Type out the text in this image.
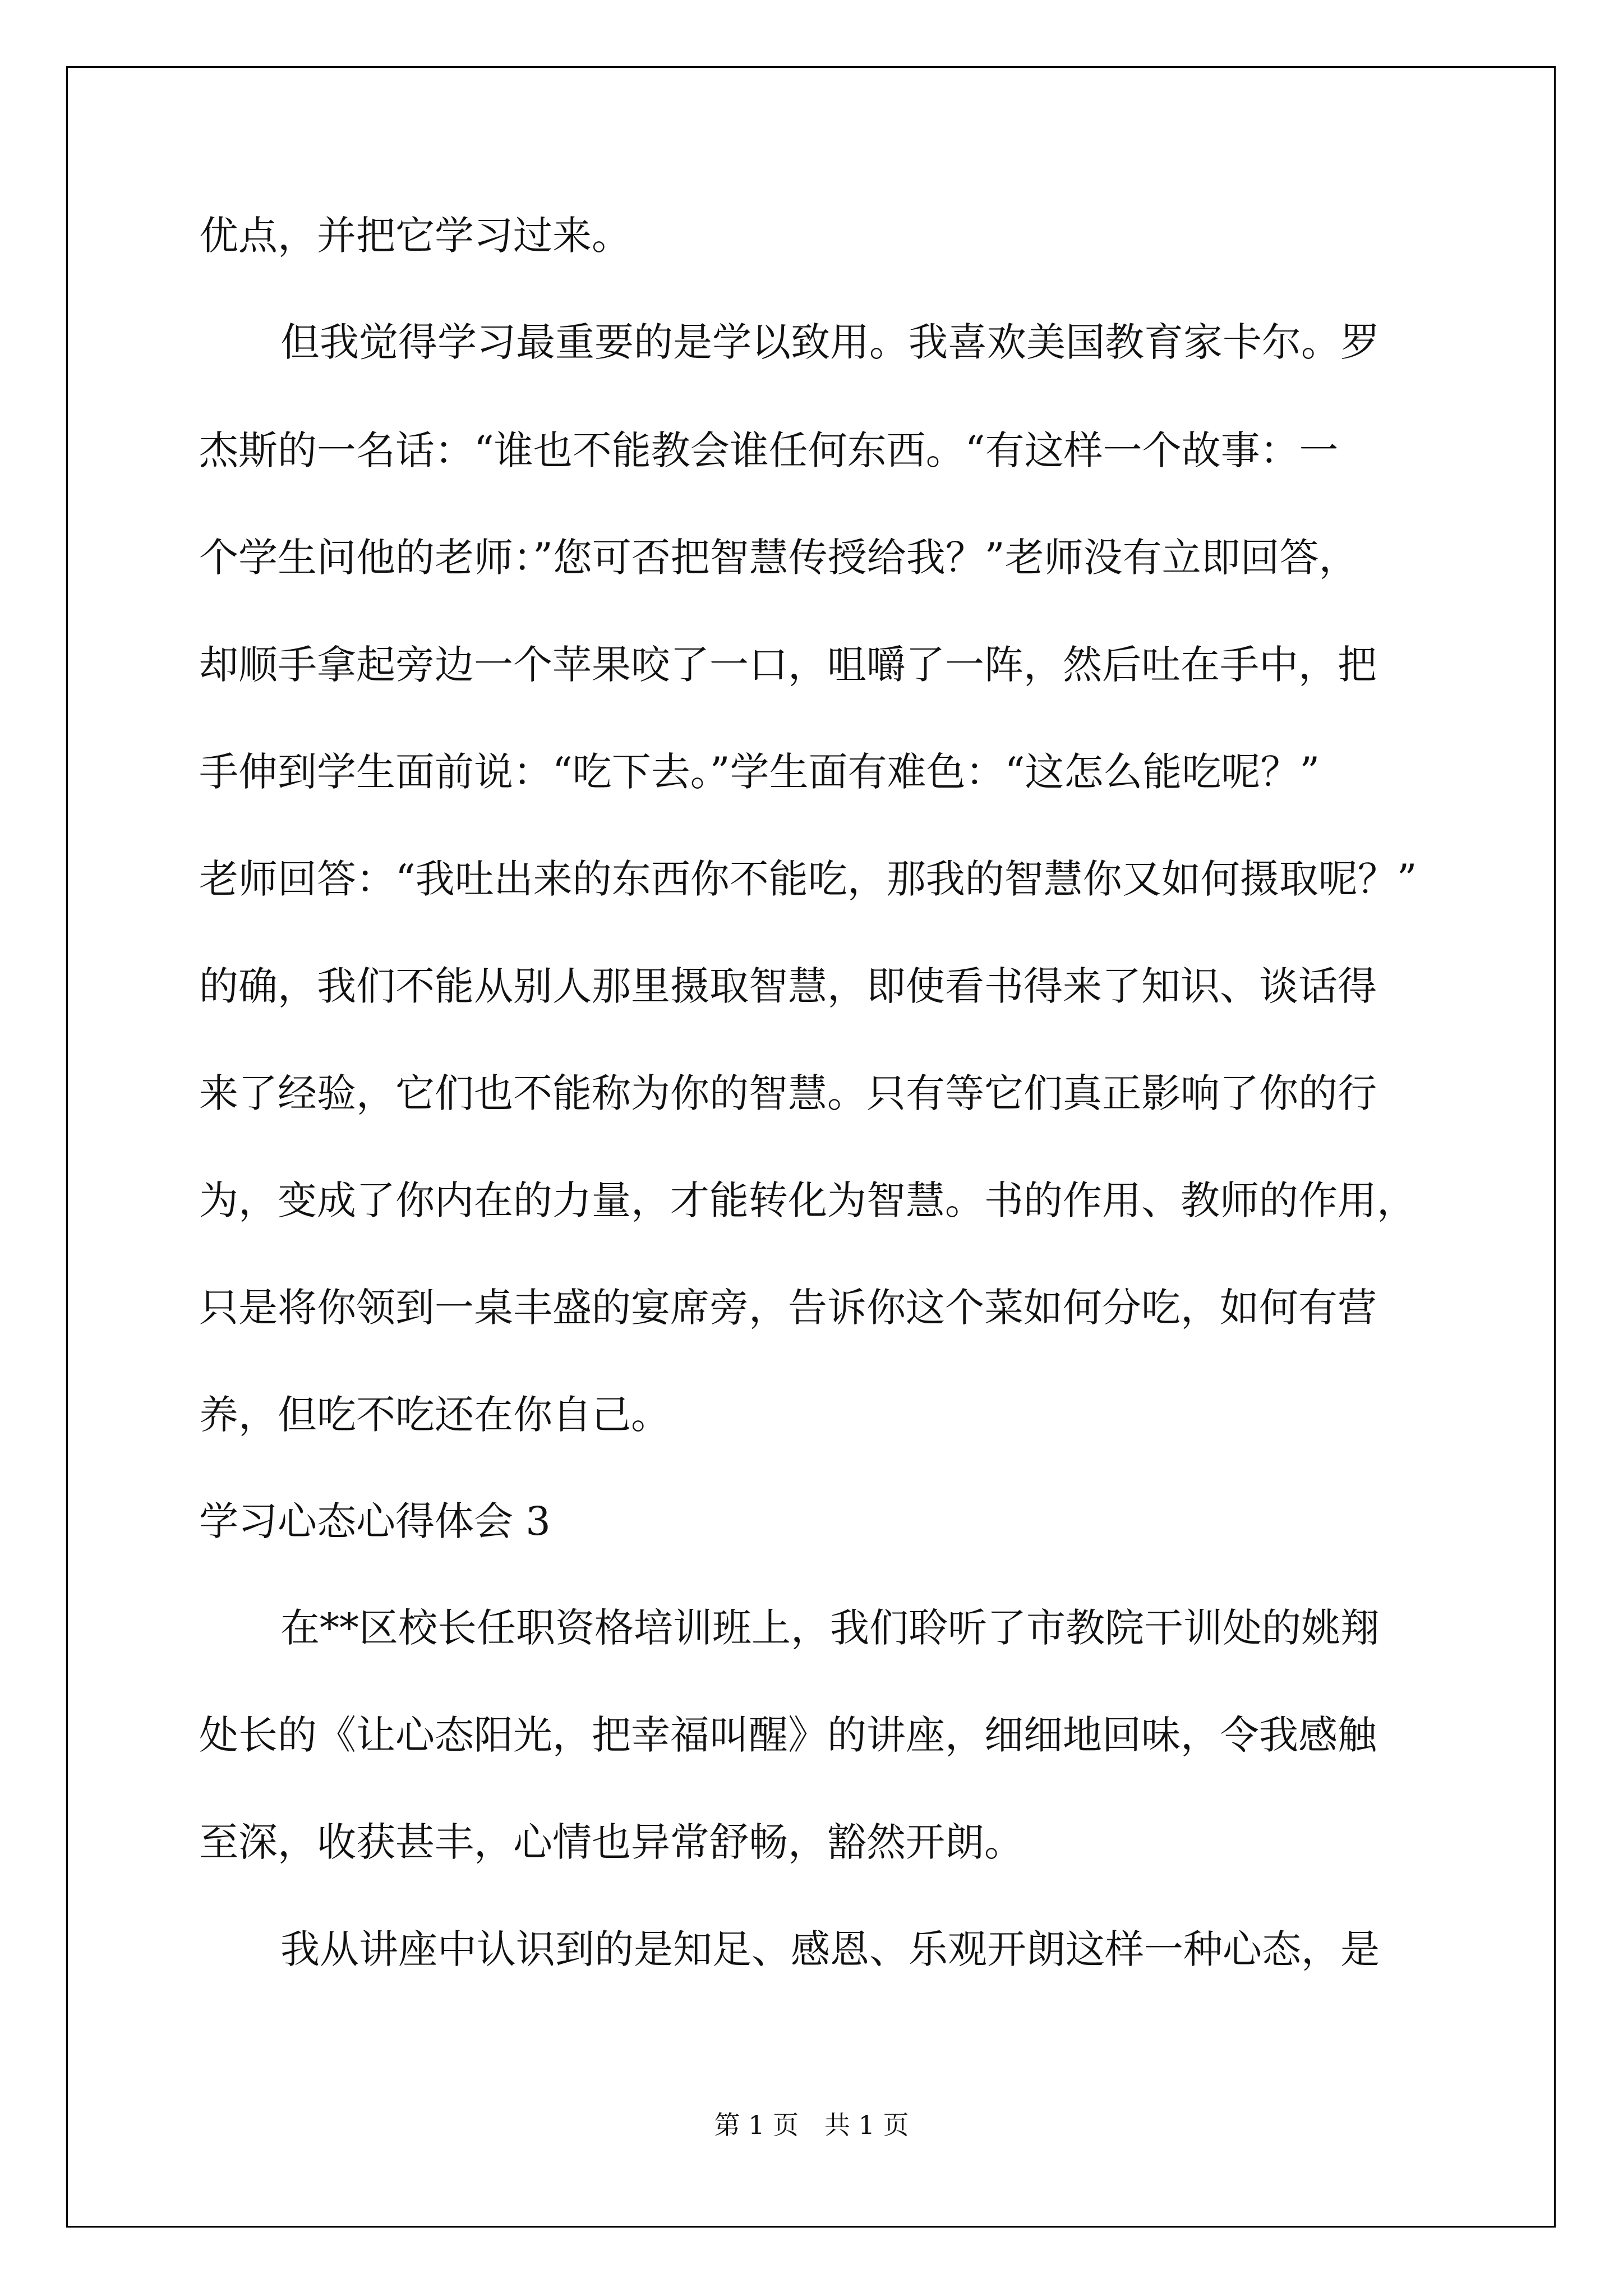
优点，并把它学习过来。

但我觉得学习最重要的是学以致用。我喜欢美国教育家卡尔。罗

杰斯的一名话：“谁也不能教会谁任何东西。“有这样一个故事：一

个学生问他的老师：”您可否把智慧传授给我？”老师没有立即回答，

却顺手拿起旁边一个苹果咬了一口，咀嚼了一阵，然后吐在手中，把

手伸到学生面前说：“吃下去。”学生面有难色：“这怎么能吃呢？”

老师回答：“我吐出来的东西你不能吃，那我的智慧你又如何摄取呢？”

的确，我们不能从别人那里摄取智慧，即使看书得来了知识、谈话得

来了经验，它们也不能称为你的智慧。只有等它们真正影响了你的行

为，变成了你内在的力量，才能转化为智慧。书的作用、教师的作用，

只是将你领到一桌丰盛的宴席旁，告诉你这个菜如何分吃，如何有营

养，但吃不吃还在你自己。

学习心态心得体会 3

在**区校长任职资格培训班上，我们聆听了市教院干训处的姚翔

处长的《让心态阳光，把幸福叫醒》的讲座，细细地回味，令我感触

至深，收获甚丰，心情也异常舒畅，豁然开朗。

我从讲座中认识到的是知足、感恩、乐观开朗这样一种心态，是

第 1 页　共 1 页
